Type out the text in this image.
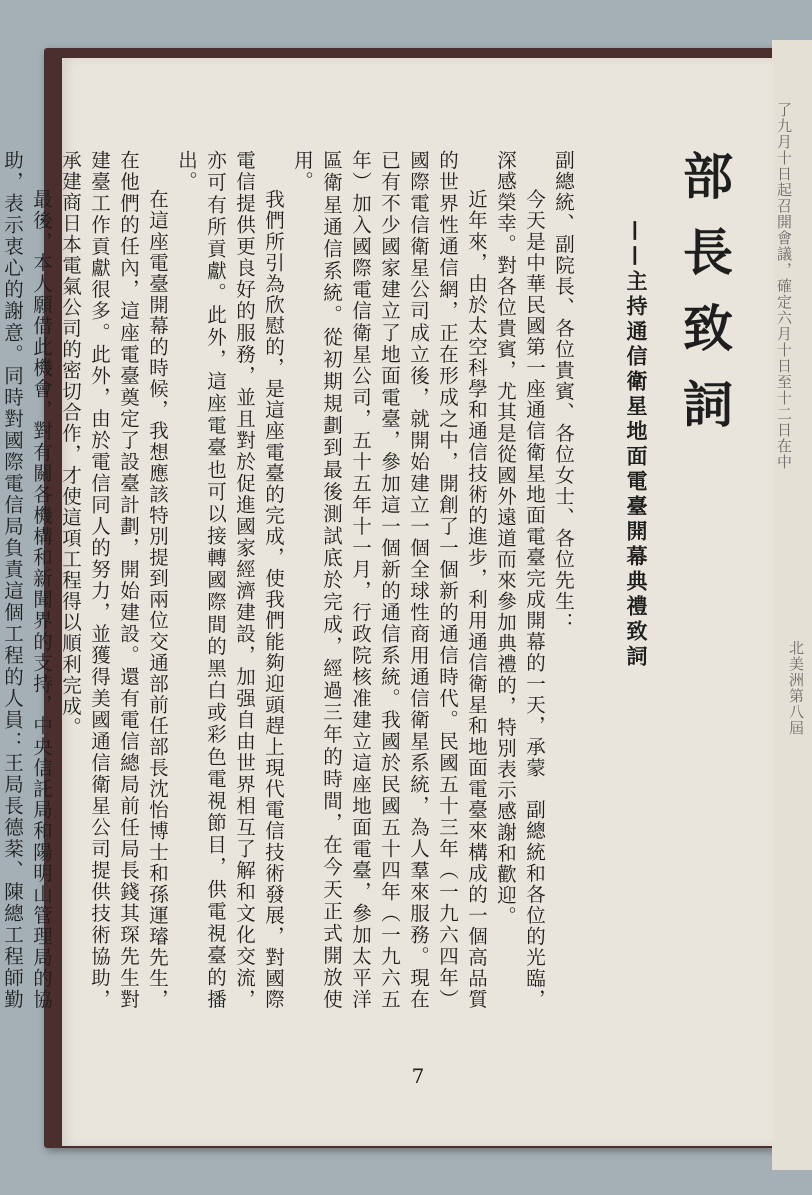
了九月十日起召開會議，確定六月十日至十二日在中
北美洲第八屆
部長致詞
——主持通信衛星地面電臺開幕典禮致詞

副總統、副院長、各位貴賓、各位女士、各位先生：

今天是中華民國第一座通信衛星地面電臺完成開幕的一天，承蒙　副總統和各位的光臨，深感榮幸。對各位貴賓，尤其是從國外遠道而來參加典禮的，特別表示感謝和歡迎。

近年來，由於太空科學和通信技術的進步，利用通信衛星和地面電臺來構成的一個高品質的世界性通信網，正在形成之中，開創了一個新的通信時代。民國五十三年（一九六四年）國際電信衛星公司成立後，就開始建立一個全球性商用通信衛星系統，為人羣來服務。現在已有不少國家建立了地面電臺，參加這一個新的通信系統。我國於民國五十四年（一九六五年）加入國際電信衛星公司，五十五年十一月，行政院核准建立這座地面電臺，參加太平洋區衛星通信系統。從初期規劃到最後測試底於完成，經過三年的時間，在今天正式開放使用。

我們所引為欣慰的，是這座電臺的完成，使我們能夠迎頭趕上現代電信技術發展，對國際電信提供更良好的服務，並且對於促進國家經濟建設，加强自由世界相互了解和文化交流，亦可有所貢獻。此外，這座電臺也可以接轉國際間的黑白或彩色電視節目，供電視臺的播出。

在這座電臺開幕的時候，我想應該特別提到兩位交通部前任部長沈怡博士和孫運璿先生，在他們的任內，這座電臺奠定了設臺計劃，開始建設。還有電信總局前任局長錢其琛先生對建臺工作貢獻很多。此外，由於電信同人的努力，並獲得美國通信衛星公司提供技術協助，承建商日本電氣公司的密切合作，才使這項工程得以順利完成。

最後，本人願借此機會，對有關各機構和新聞界的支持，中央信託局和陽明山管理局的協助，表示衷心的謝意。同時對國際電信局負責這個工程的人員：王局長德棻、陳總工程師勤

7
